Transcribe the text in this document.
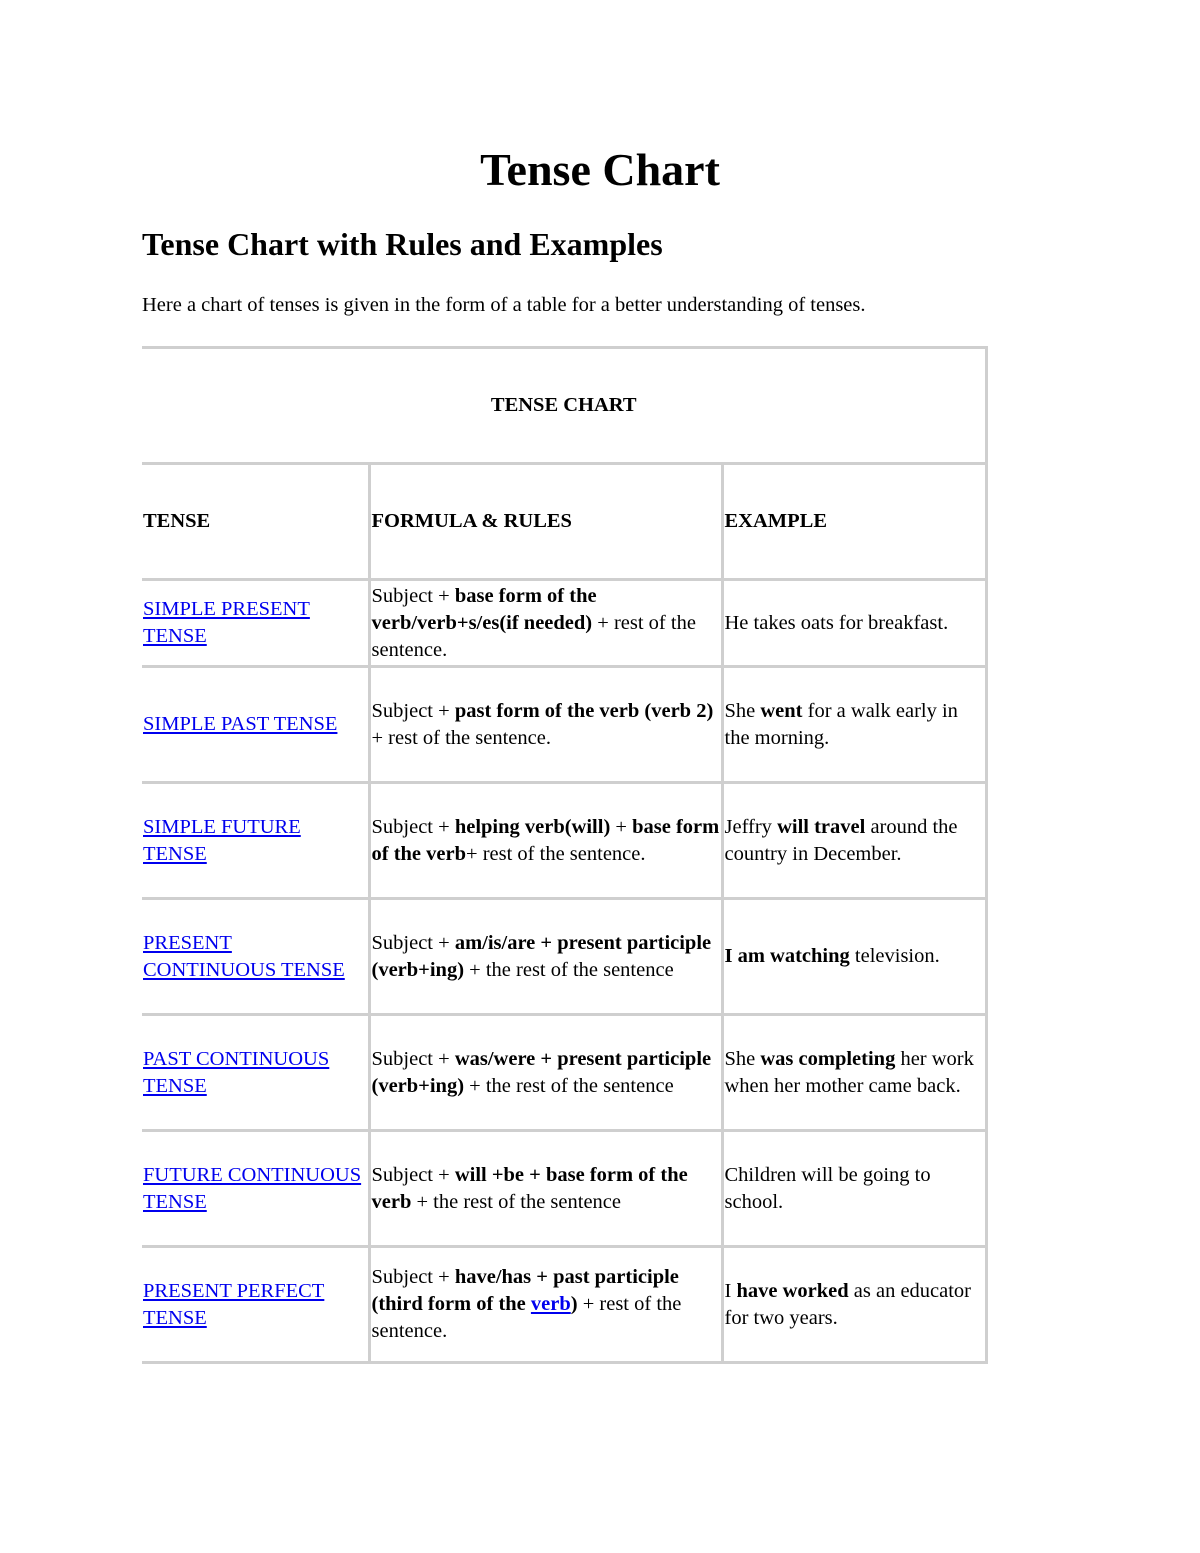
Tense Chart
Tense Chart with Rules and Examples

Here a chart of tenses is given in the form of a table for a better understanding of tenses.

TENSE CHART		
TENSE	FORMULA & RULES	EXAMPLE
SIMPLE PRESENT TENSE	Subject + base form of the verb/verb+s/es(if needed) + rest of the sentence.	He takes oats for breakfast.
SIMPLE PAST TENSE	Subject + past form of the verb (verb 2) + rest of the sentence.	She went for a walk early in the morning.
SIMPLE FUTURE TENSE	Subject + helping verb(will) + base form of the verb+ rest of the sentence.	Jeffry will travel around the country in December.
PRESENT CONTINUOUS TENSE	Subject + am/is/are + present participle (verb+ing) + the rest of the sentence	I am watching television.
PAST CONTINUOUS TENSE	Subject + was/were + present participle (verb+ing) + the rest of the sentence	She was completing her work when her mother came back.
FUTURE CONTINUOUS TENSE	Subject + will +be + base form of the verb + the rest of the sentence	Children will be going to school.
PRESENT PERFECT TENSE	Subject + have/has + past participle (third form of the verb) + rest of the sentence.	I have worked as an educator for two years.
